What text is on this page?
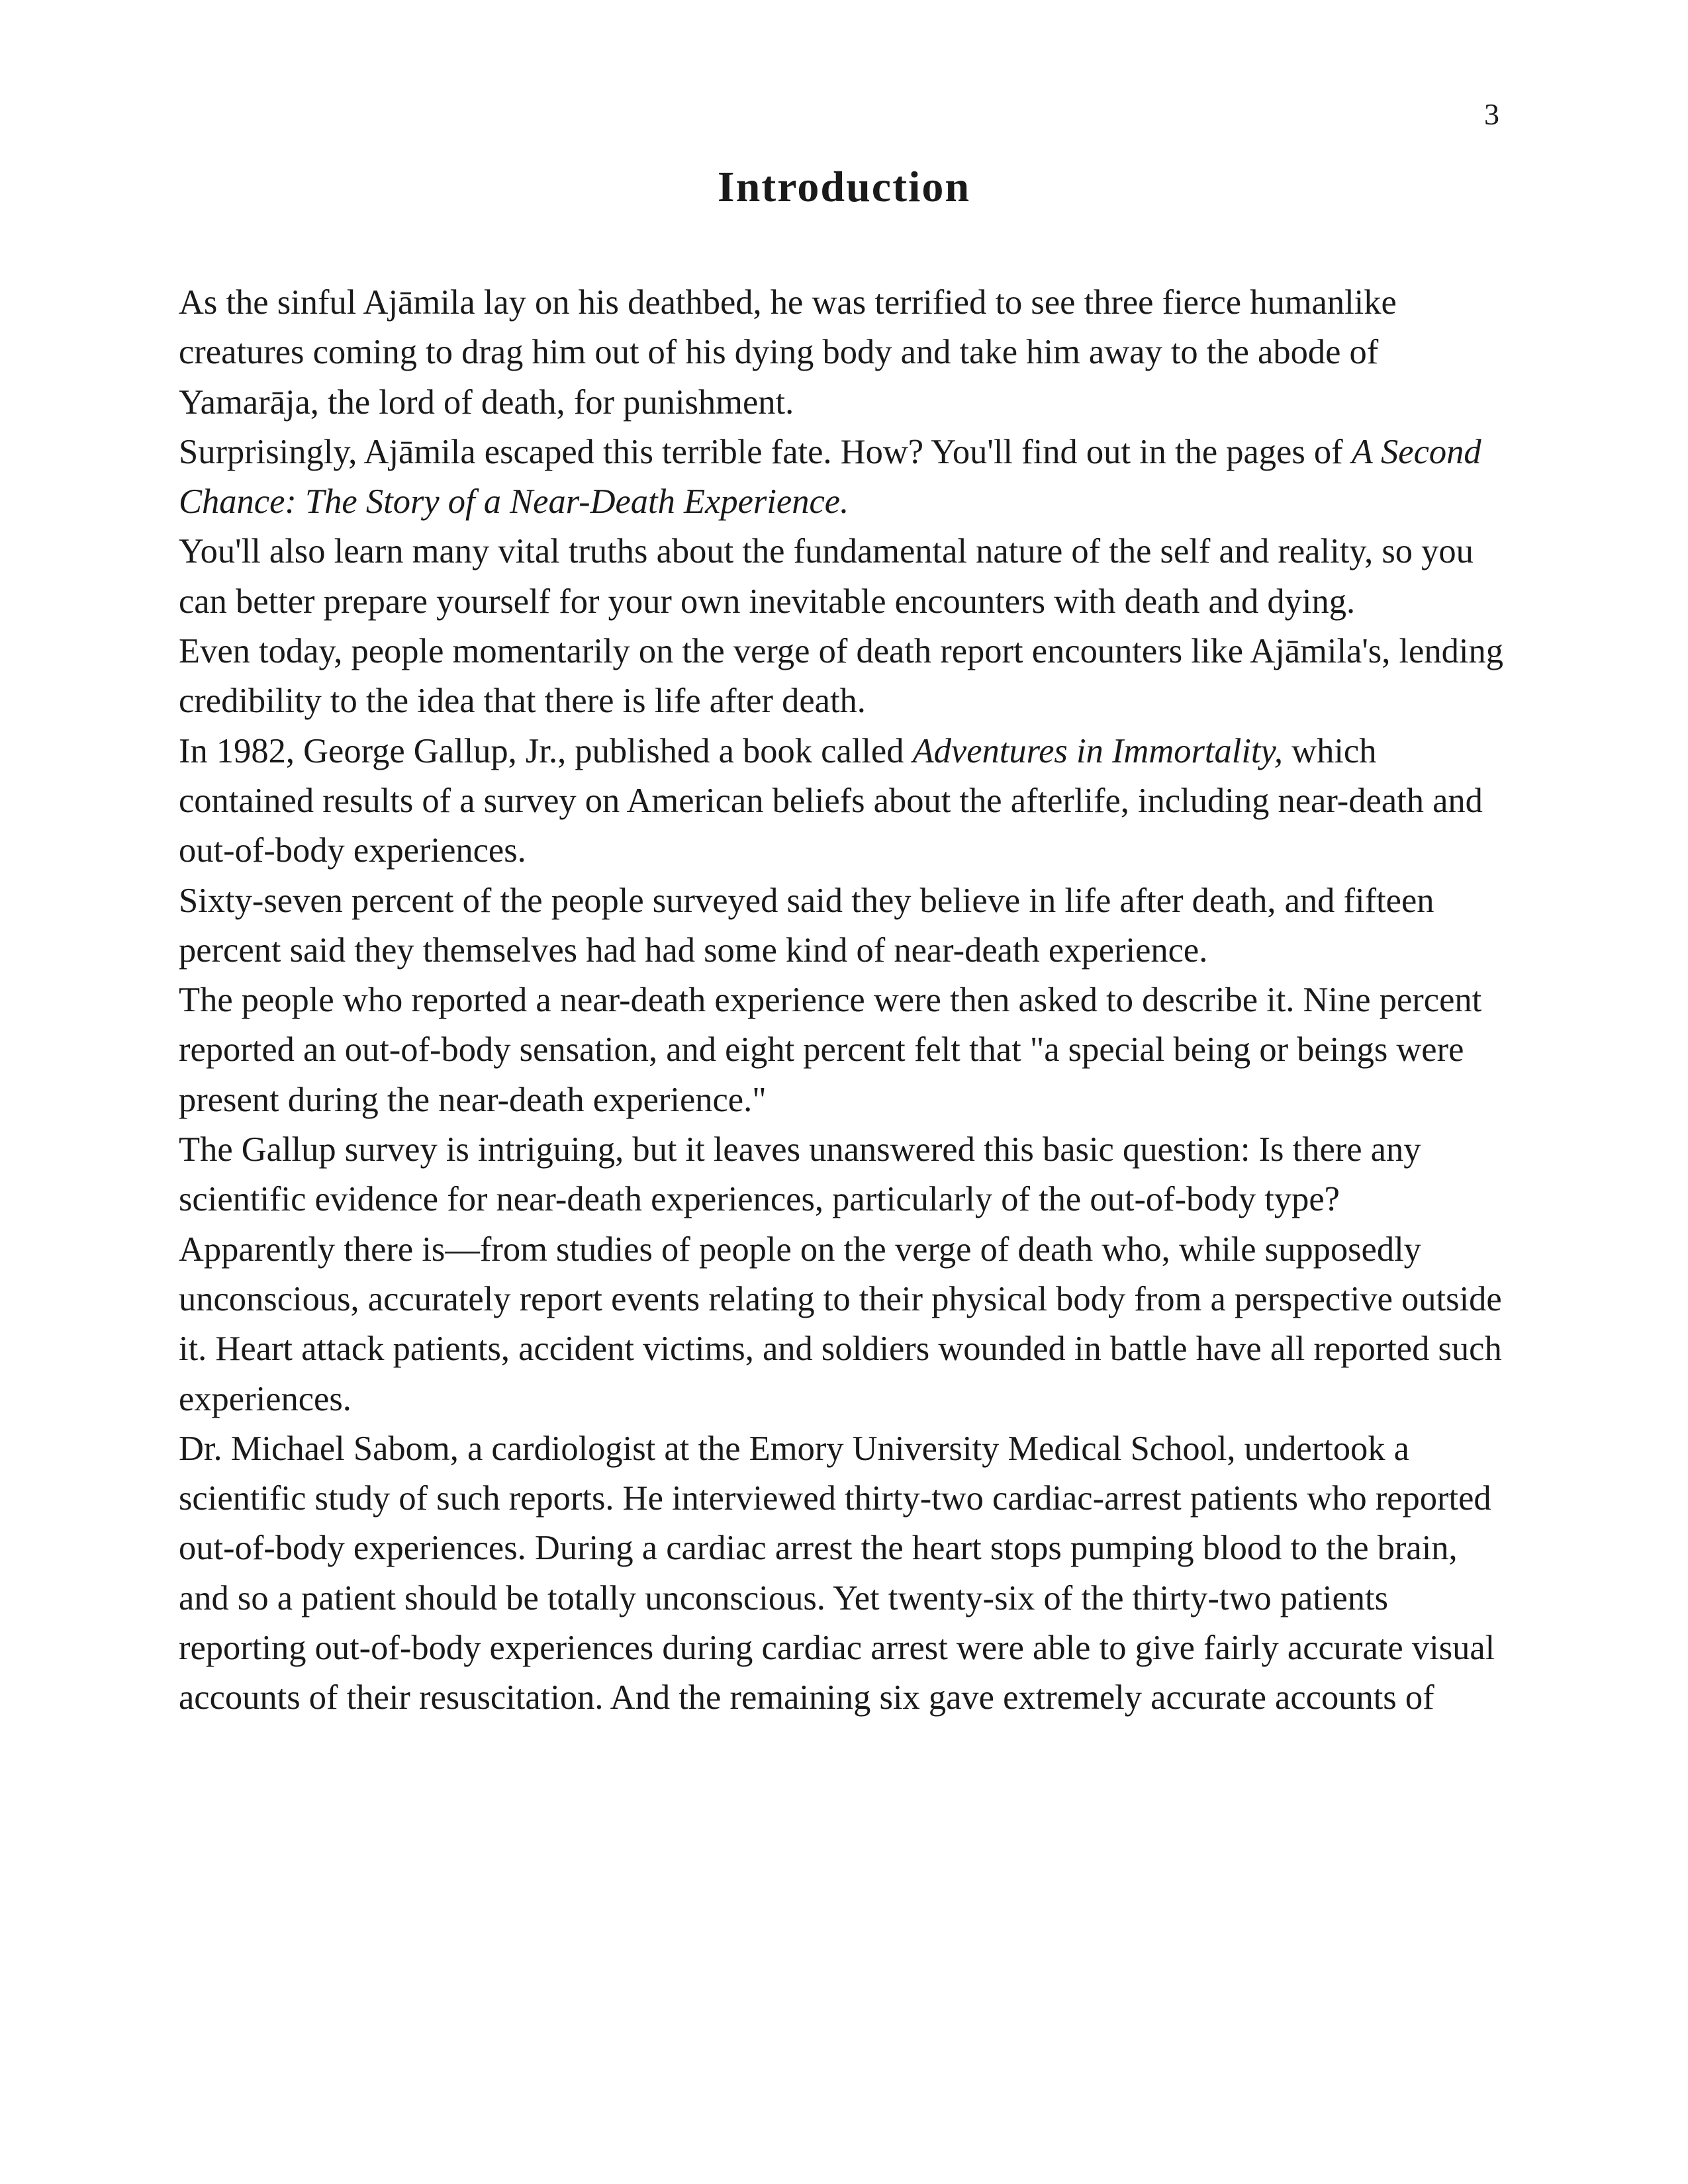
3
Introduction

As the sinful Ajāmila lay on his deathbed, he was terrified to see three fierce humanlike creatures coming to drag him out of his dying body and take him away to the abode of Yamarāja, the lord of death, for punishment.

Surprisingly, Ajāmila escaped this terrible fate. How? You'll find out in the pages of A Second Chance: The Story of a Near-Death Experience.

You'll also learn many vital truths about the fundamental nature of the self and reality, so you can better prepare yourself for your own inevitable encounters with death and dying.

Even today, people momentarily on the verge of death report encounters like Ajāmila's, lending credibility to the idea that there is life after death.

In 1982, George Gallup, Jr., published a book called Adventures in Immortality, which contained results of a survey on American beliefs about the afterlife, including near-death and out-of-body experiences.

Sixty-seven percent of the people surveyed said they believe in life after death, and fifteen percent said they themselves had had some kind of near-death experience.

The people who reported a near-death experience were then asked to describe it. Nine percent reported an out-of-body sensation, and eight percent felt that "a special being or beings were present during the near-death experience."

The Gallup survey is intriguing, but it leaves unanswered this basic question: Is there any scientific evidence for near-death experiences, particularly of the out-of-body type?

Apparently there is—from studies of people on the verge of death who, while supposedly unconscious, accurately report events relating to their physical body from a perspective outside it. Heart attack patients, accident victims, and soldiers wounded in battle have all reported such experiences.

Dr. Michael Sabom, a cardiologist at the Emory University Medical School, undertook a scientific study of such reports. He interviewed thirty-two cardiac-arrest patients who reported out-of-body experiences. During a cardiac arrest the heart stops pumping blood to the brain, and so a patient should be totally unconscious. Yet twenty-six of the thirty-two patients reporting out-of-body experiences during cardiac arrest were able to give fairly accurate visual accounts of their resuscitation. And the remaining six gave extremely accurate accounts of
